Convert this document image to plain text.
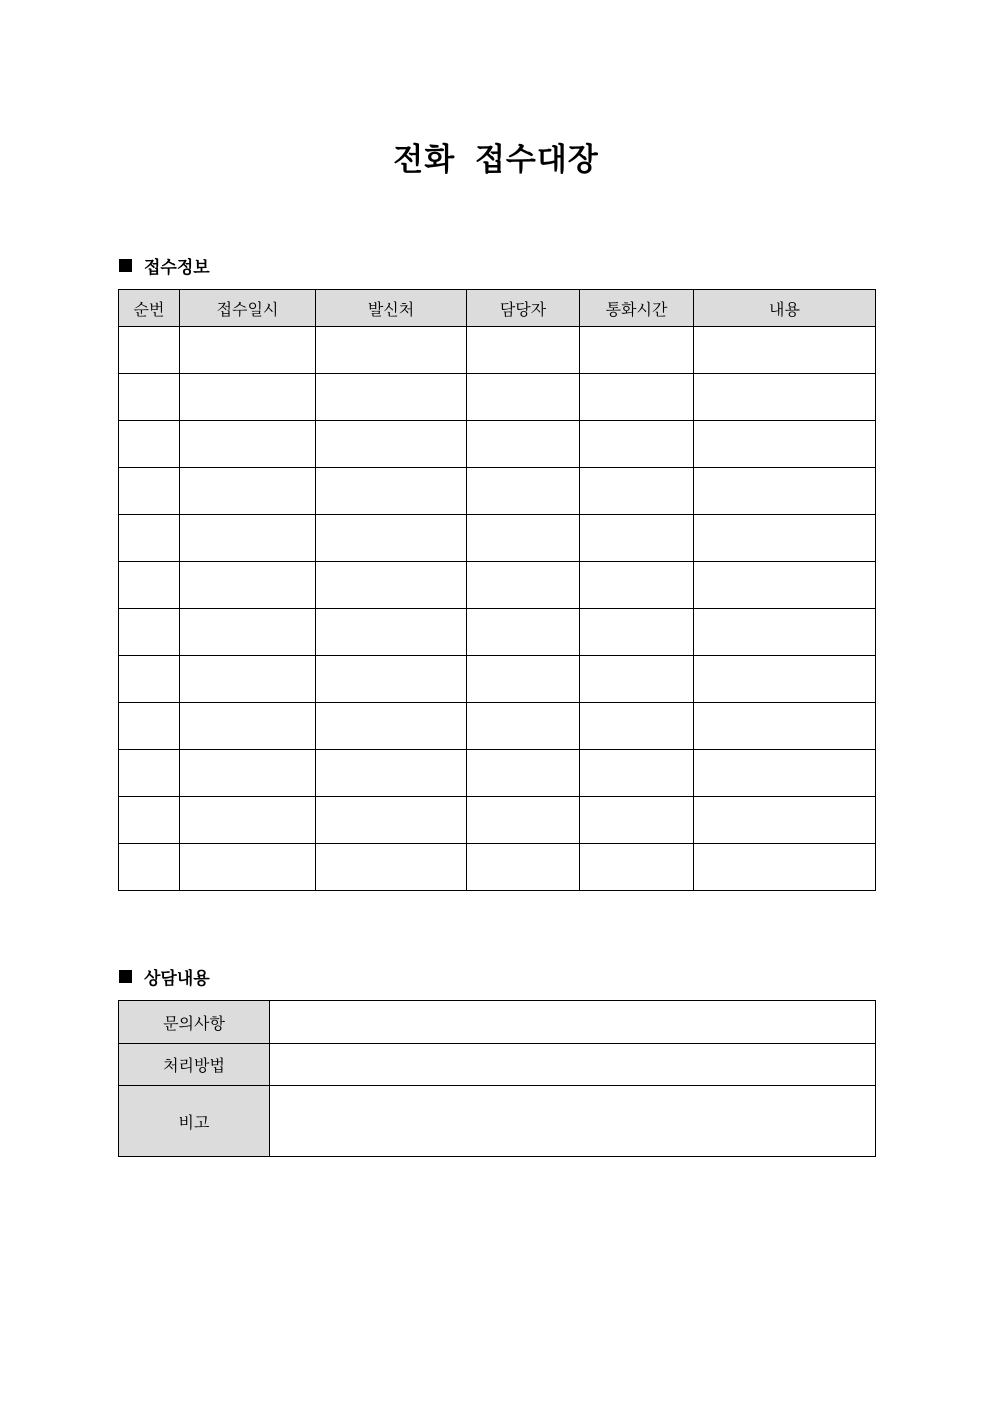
전화 접수대장
접수정보
순번	접수일시	발신처	담당자	통화시간	내용

상담내용
문의사항	
처리방법	
비고	
